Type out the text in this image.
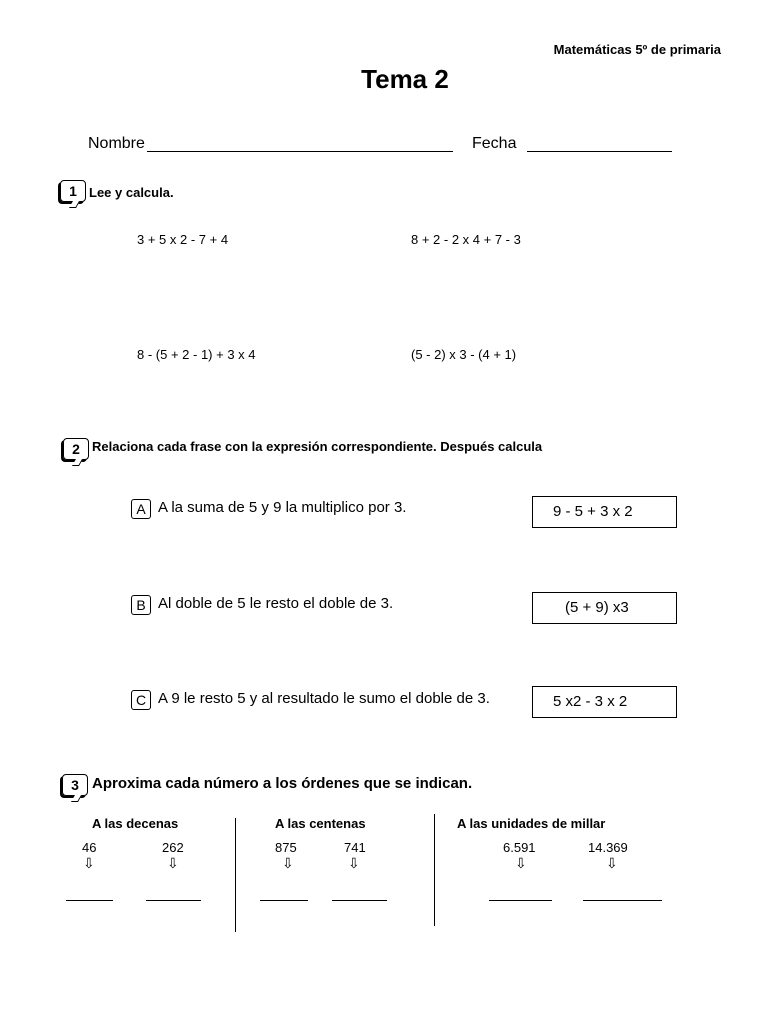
Matemáticas 5º de primaria
Tema 2
Nombre	Fecha
1 Lee y calcula.
3 + 5 x 2 - 7 + 4	8 + 2 - 2 x 4 + 7 - 3
8 - (5 + 2 - 1) + 3 x 4	(5 - 2) x 3 - (4 + 1)
2 Relaciona cada frase con la expresión correspondiente. Después calcula
A A la suma de 5 y 9 la multiplico por 3.	9 - 5 + 3 x 2
B Al doble de 5 le resto el doble de 3.	(5 + 9) x3
C A 9 le resto 5 y al resultado le sumo el doble de 3.	5 x2 - 3 x 2
3 Aproxima cada número a los órdenes que se indican.
A las decenas
46	262
⇩	⇩
A las centenas
875	741
⇩	⇩
A las unidades de millar
6.591	14.369
⇩	⇩
